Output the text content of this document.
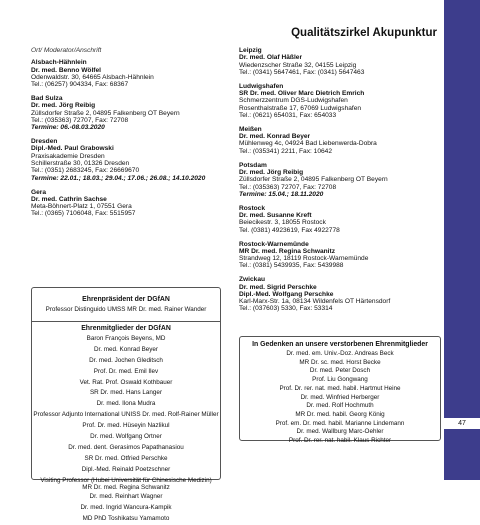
47
Qualitätszirkel Akupunktur
Ort/ Moderator/Anschrift
Alsbach-Hähnlein
Dr. med. Benno Wölfel
Odenwaldstr. 30, 64665 Alsbach-Hähnlein
Tel.: (06257) 904334, Fax: 68367
Bad Sulza
Dr. med. Jörg Reibig
Züllsdorfer Straße 2, 04895 Falkenberg OT Beyern
Tel.: (035363) 72707, Fax: 72708
Termine: 06.-08.03.2020
Dresden
Dipl.-Med. Paul Grabowski
Praxisakademie Dresden
Schillerstraße 30, 01326 Dresden
Tel.: (0351) 2683245, Fax: 26669670
Termine: 22.01.; 18.03.; 29.04.; 17.06.; 26.08.; 14.10.2020
Gera
Dr. med. Cathrin Sachse
Meta-Böhnert-Platz 1, 07551 Gera
Tel.: (0365) 7106048, Fax: 5515957
Leipzig
Dr. med. Olaf Häßler
Wiedenzscher Straße 32, 04155 Leipzig
Tel.: (0341) 5647461, Fax: (0341) 5647463
Ludwigshafen
SR Dr. med. Oliver Marc Dietrich Emrich
Schmerzzentrum DGS-Ludwigshafen
Rosenthalstraße 17, 67069 Ludwigshafen
Tel.: (0621) 654031, Fax: 654033
Meißen
Dr. med. Konrad Beyer
Mühlenweg 4c, 04924 Bad Liebenwerda-Dobra
Tel.: (035341) 2211, Fax: 10642
Potsdam
Dr. med. Jörg Reibig
Züllsdorfer Straße 2, 04895 Falkenberg OT Beyern
Tel.: (035363) 72707, Fax: 72708
Termine: 15.04.; 18.11.2020
Rostock
Dr. med. Susanne Kreft
Beiecikestr. 3, 18055 Rostock
Tel. (0381) 4923619, Fax 4922778
Rostock-Warnemünde
MR Dr. med. Regina Schwanitz
Strandweg 12, 18119 Rostock-Warnemünde
Tel.: (0381) 5439935, Fax: 5439988
Zwickau
Dr. med. Sigrid Perschke
Dipl.-Med. Wolfgang Perschke
Karl-Marx-Str. 1a, 08134 Wildenfels OT Härtensdorf
Tel.: (037603) 5330, Fax: 53314
Ehrenpräsident der DGfAN
Professor Distinguido UMSS MR Dr. med. Rainer Wander
Ehrenmitglieder der DGfAN
Baron François Beyens, MD
Dr. med. Konrad Beyer
Dr. med. Jochen Gleditsch
Prof. Dr. med. Emil Ilev
Vet. Rat. Prof. Oswald Kothbauer
SR Dr. med. Hans Langer
Dr. med. Ilona Mudra
Professor Adjunto International UNISS Dr. med. Rolf-Rainer Müller
Prof. Dr. med. Hüseyin Nazlikul
Dr. med. Wolfgang Ortner
Dr. med. dent. Gerasimos Papathanasiou
SR Dr. med. Otfried Perschke
Dipl.-Med. Reinald Poetzschner
Visiting Professor (Hubei Universität für Chinesische Medizin) MR Dr. med. Regina Schwanitz
Dr. med. Reinhart Wagner
Dr. med. Ingrid Wancura-Kampik
MD PhD Toshikatsu Yamamoto
In Gedenken an unsere verstorbenen Ehrenmitglieder
Dr. med. em. Univ.-Doz. Andreas Beck
MR Dr. sc. med. Horst Becke
Dr. med. Peter Dosch
Prof. Liu Gongwang
Prof. Dr. rer. nat. med. habil. Hartmut Heine
Dr. med. Winfried Herberger
Dr. med. Rolf Hochmuth
MR Dr. med. habil. Georg König
Prof. em. Dr. med. habil. Marianne Lindemann
Dr. med. Wallburg Marc-Oehler
Prof. Dr. rer. nat. habil. Klaus Richter
